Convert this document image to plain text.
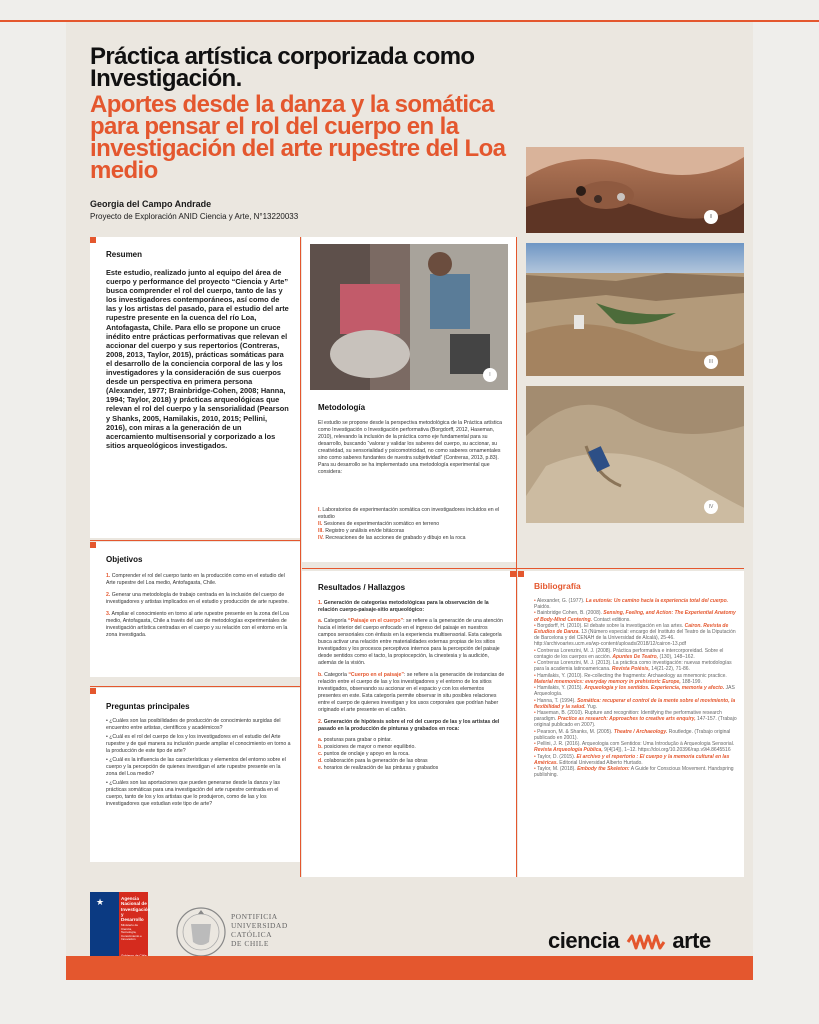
Práctica artística corporizada como Investigación.
Aportes desde la danza y la somática para pensar el rol del cuerpo en la investigación del arte rupestre del Loa medio
Georgia del Campo Andrade
Proyecto de Exploración ANID Ciencia y Arte, N°13220033	II
III
IV
Resumen
Este estudio, realizado junto al equipo del área de cuerpo y performance del proyecto “Ciencia y Arte” busca comprender el rol del cuerpo, tanto de las y los investigadores contemporáneos, así como de las y los artistas del pasado, para el estudio del arte rupestre presente en la cuenca del río Loa, Antofagasta, Chile. Para ello se propone un cruce inédito entre prácticas performativas que relevan el accionar del cuerpo y sus repertorios (Contreras, 2008, 2013, Taylor, 2015), prácticas somáticas para el desarrollo de la conciencia corporal de las y los investigadores y la consideración de sus cuerpos desde un perspectiva en primera persona (Alexander, 1977; Brainbridge-Cohen, 2008; Hanna, 1994; Taylor, 2018) y prácticas arqueológicas que relevan el rol del cuerpo y la sensorialidad (Pearson y Shanks, 2005, Hamilakis, 2010, 2015; Pellini, 2016), con miras a la generación de un acercamiento multisensorial y corporizado a los sitios arqueológicos investigados.
Objetivos
1. Comprender el rol del cuerpo tanto en la producción como en el estudio del Arte rupestre del Loa medio, Antofagasta, Chile.
2. Generar una metodología de trabajo centrada en la inclusión del cuerpo de investigadores y artistas implicados en el estudio y producción de arte rupestre.
3. Ampliar el conocimiento en torno al arte rupestre presente en la zona del Loa medio, Antofagasta, Chile a través del uso de metodologías experimentales de investigación artística centradas en el cuerpo y su relación con el entorno en la zona investigada.
Preguntas principales
• ¿Cuáles son las posibilidades de producción de conocimiento surgidas del encuentro entre artistas, científicos y académicos?
• ¿Cuál es el rol del cuerpo de los y los investigadores en el estudio del Arte rupestre y de qué manera su inclusión puede ampliar el conocimiento en torno a la producción de este tipo de arte?
• ¿Cuál es la influencia de las características y elementos del entorno sobre el cuerpo y la percepción de quienes investigan el arte rupestre presente en la zona del Loa medio?
• ¿Cuáles son las aportaciones que pueden generarse desde la danza y las prácticas somáticas para una investigación del arte rupestre centrada en el cuerpo, tanto de los y los artistas que lo produjeron, como de las y los investigadores que estudian este tipo de arte?
I
Metodología
El estudio se propone desde la perspectiva metodológica de la Práctica artística como Investigación o Investigación performativa (Borgdorff, 2012, Haseman, 2010), relevando la inclusión de la práctica como eje fundamental para su desarrollo, buscando “valorar y validar los saberes del cuerpo, su accionar, su creatividad, su sensorialidad y psicomotricidad, no como saberes ornamentales sino como saberes fundantes de nuestra subjetividad” (Contreras, 2013, p.83). Para su desarrollo se ha implementado una metodología experimental que considera:
I. Laboratorios de experimentación somática con investigadores incluidos en el estudio
II. Sesiones de experimentación somático en terreno
III. Registro y análisis en/de bitácoras
IV. Recreaciones de las acciones de grabado y dibujo en la roca
Resultados / Hallazgos
1. Generación de categorías metodológicas para la observación de la relación cuerpo-paisaje-sitio arqueológico:
a. Categoría “Paisaje en el cuerpo”: se refiere a la generación de una atención hacia el interior del cuerpo enfocado en el ingreso del paisaje en nuestros campos sensoriales con énfasis en la experiencia multisensorial. Esta categoría busca activar una relación entre materialidades externas propias de los sitios investigados y los procesos perceptivos internos para la percepción del paisaje desde sentidos como el tacto, la propiocepción, la cinestesia y la audición, además de la visión.
b. Categoría “Cuerpo en el paisaje”: se refiere a la generación de instancias de relación entre el cuerpo de las y los investigadores y el entorno de los sitios investigados, observando su accionar en el espacio y con los elementos presentes en este. Esta categoría permite observar in situ posibles relaciones entre el cuerpo de quienes investigan y los usos corporales que podrían haber originado el arte presente en el cañón.
2. Generación de hipótesis sobre el rol del cuerpo de las y los artistas del pasado en la producción de pinturas y grabados en roca:
a. posturas para grabar o pintar.
b. posiciones de mayor o menor equilibrio.
c. puntos de onclaje y apoyo en la roca.
d. colaboración para la generación de las obras
e. horarios de realización de las pinturas y grabados
Bibliografía
• Alexander, G. (1977). La eutonía: Un camino hacia la experiencia total del cuerpo. Paidós.
• Bainbridge Cohen, B. (2008). Sensing, Feeling, and Action: The Experiential Anatomy of Body-Mind Centering. Contact editions.
• Borgdorff, H. (2010). El debate sobre la investigación en las artes. Cairon. Revista de Estudios de Danza. 13 (Número especial: encargo del Instituto del Teatro de la Diputación de Barcelona y del CENAH de la Universidad de Alcalá), 25-46. http://archivoartes.ucm.es/wp-content/uploads/2018/12/cairon-13.pdf
• Contreras Lorenzini, M. J. (2008). Práctica performativa e intercorporeidad. Sobre el contagio de los cuerpos en acción. Apuntes De Teatro, (130), 148–162.
• Contreras Lorenzini, M. J. (2013). La práctica como investigación: nuevas metodologías para la academia latinoamericana. Revista Poiésis, 14(21-22), 71-86.
• Hamilakis, Y. (2010). Re-collecting the fragments: Archaeology as mnemonic practice. Material mnemonics: everyday memory in prehistoric Europe, 188-199.
• Hamilakis, Y. (2015). Arqueología y los sentidos. Experiencia, memoria y afecto. JAS Arqueología.
• Hanna, T. (1994). Somática: recuperar el control de la mente sobre el movimiento, la flexibilidad y la salud. Yug.
• Haseman, B. (2010). Rupture and recognition: Identifying the performative research paradigm. Practice as research: Approaches to creative arts enquiry, 147-157. (Trabajo original publicado en 2007).
• Pearson, M. & Shanks, M. (2005). Theatre / Archaeology. Routledge. (Trabajo original publicado en 2001).
• Pellini, J. R. (2016). Arqueologia com Sentidos: Uma Introdução à Arqueologia Sensorial. Revista Arqueologia Pública, 9(4[14]), 1–12. https://doi.org/10.20396/rap.v9i4.8645516
• Taylor, D. (2015). El archivo y el repertorio : El cuerpo y la memoria cultural en las Américas. Editorial Universidad Alberto Hurtado.
• Taylor, M. (2018). Embody the Skeleton: A Guide for Conscious Movement. Handspring publishing.
★	Agencia
Nacional de
Investigación
y Desarrollo
Ministerio de Ciencia, Tecnología, Conocimiento e Innovación
PONTIFICIA
UNIVERSIDAD
CATÓLICA
DE CHILE	ciencia arte
